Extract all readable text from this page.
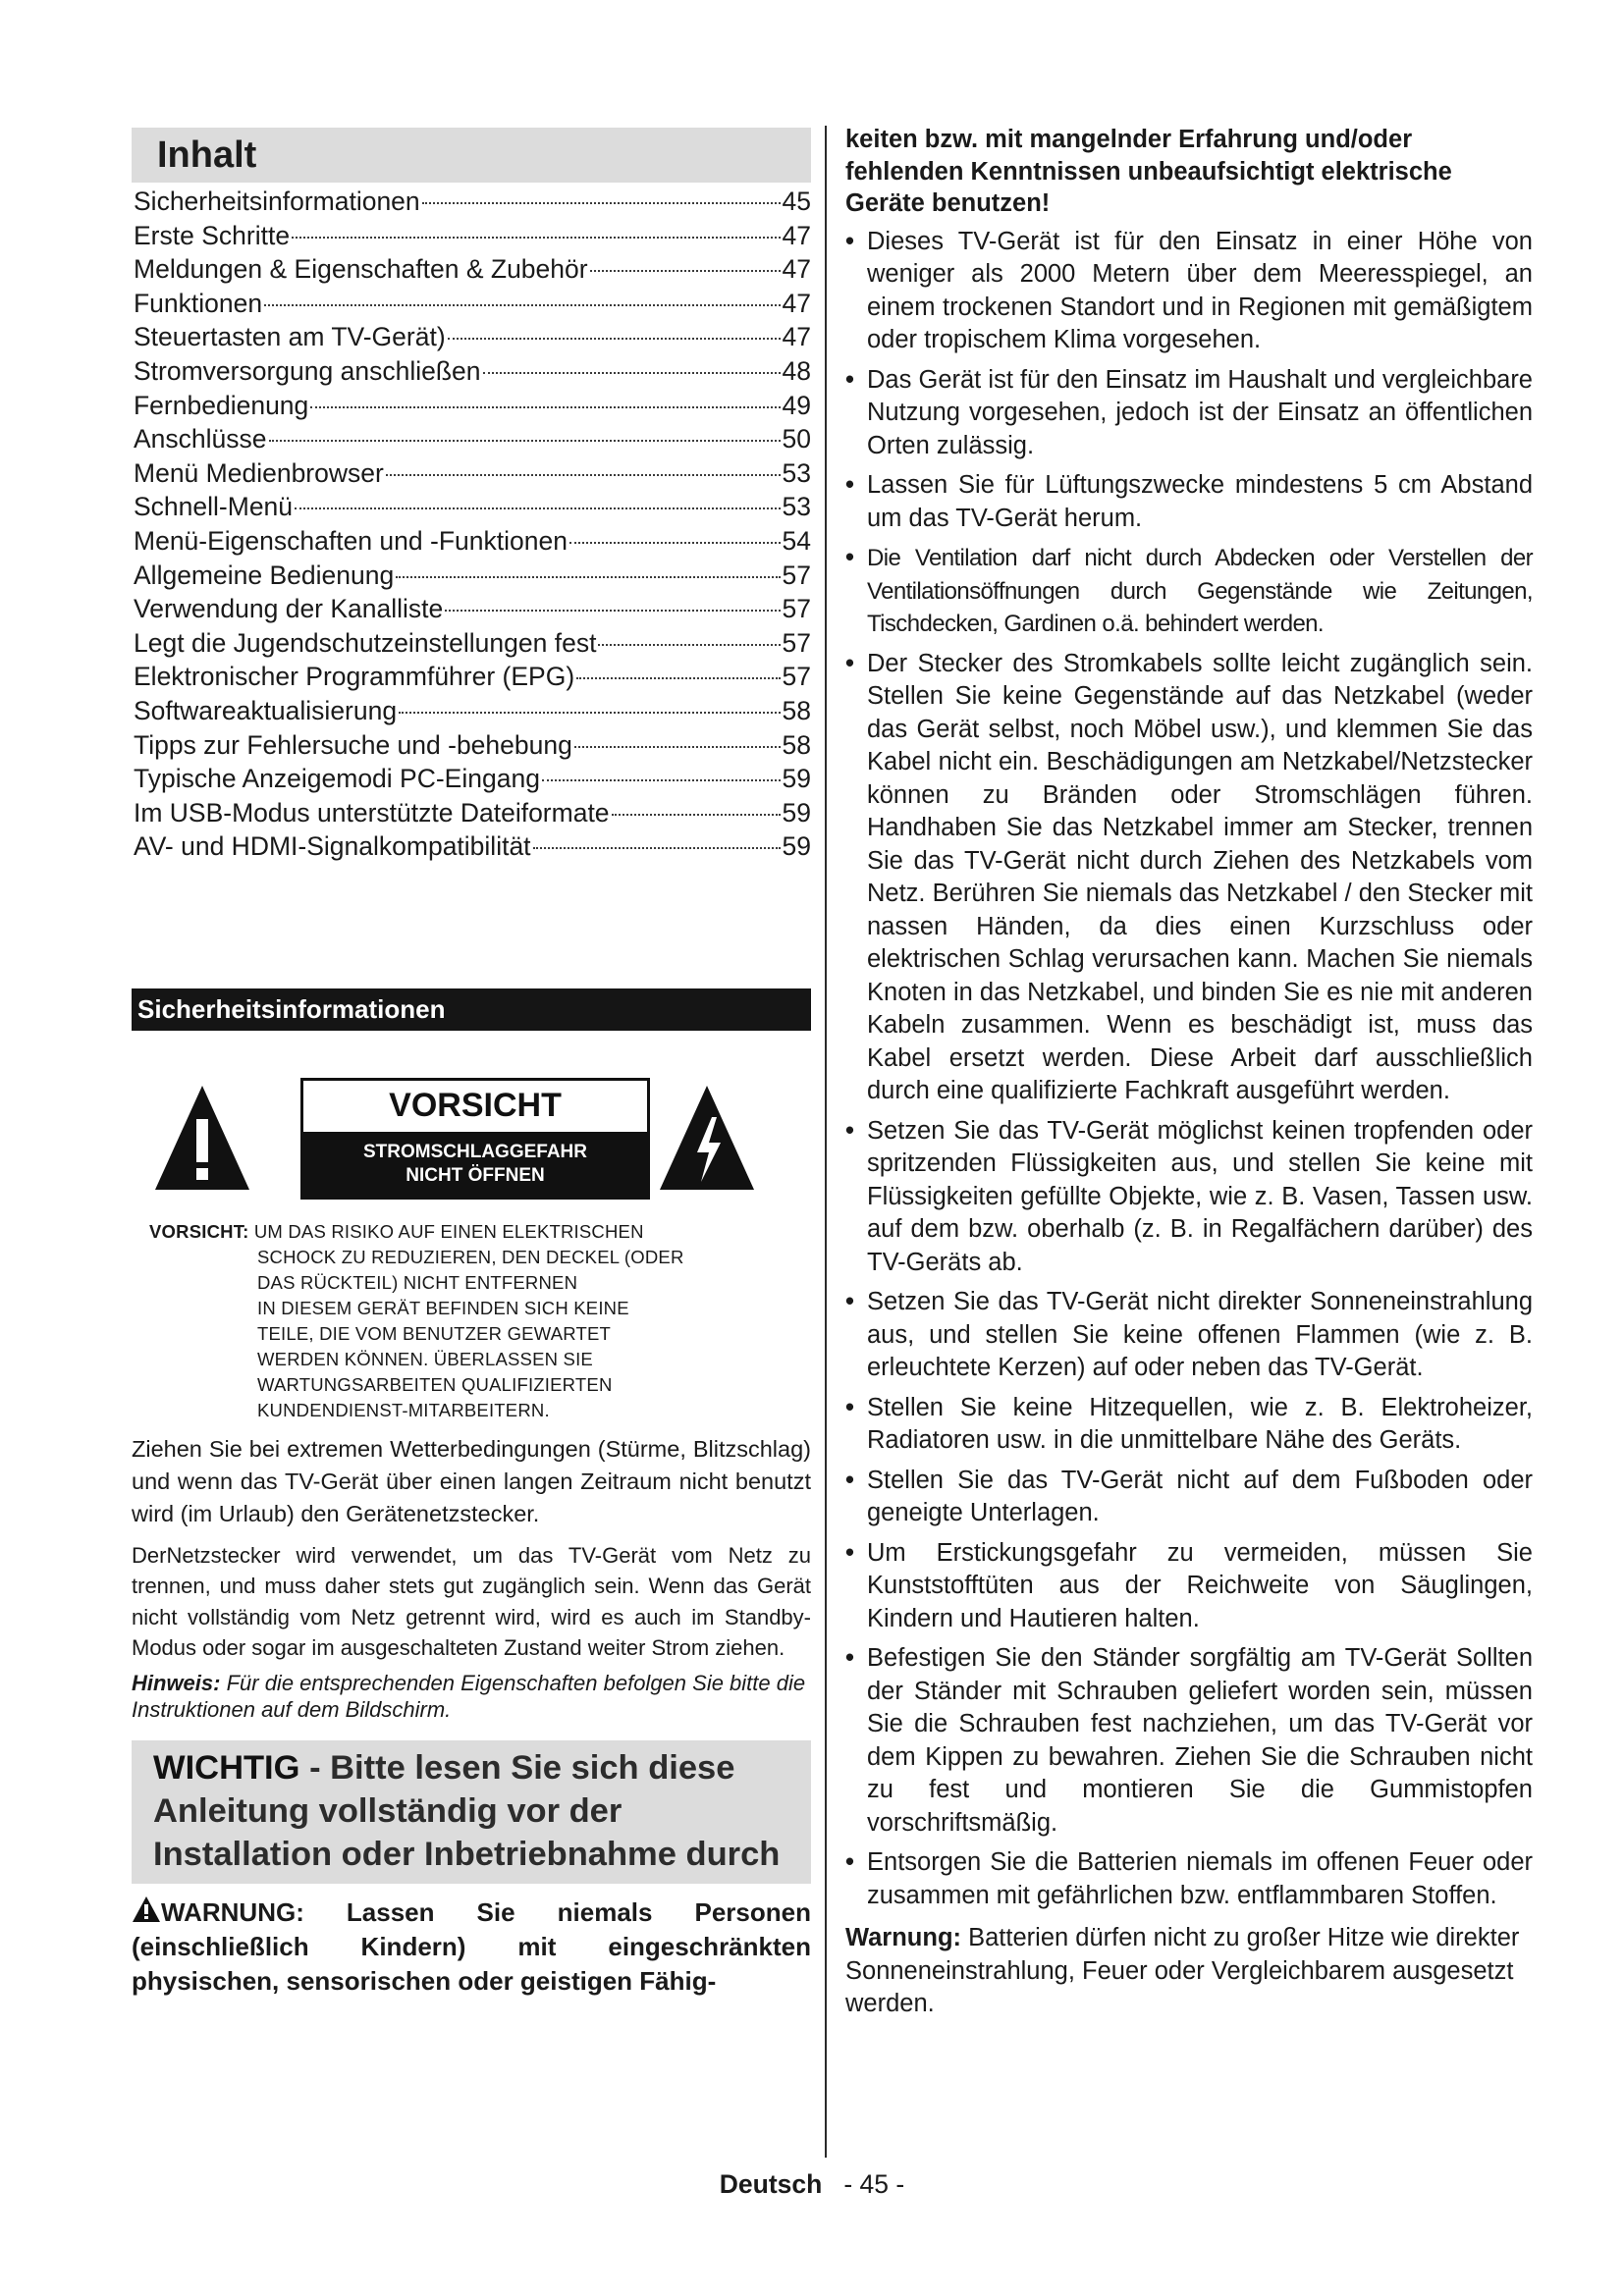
Inhalt
Sicherheitsinformationen	45
Erste Schritte	47
Meldungen & Eigenschaften & Zubehör	47
Funktionen	47
Steuertasten am TV-Gerät)	47
Stromversorgung anschließen	48
Fernbedienung	49
Anschlüsse	50
Menü Medienbrowser	53
Schnell-Menü	53
Menü-Eigenschaften und -Funktionen	54
Allgemeine Bedienung	57
Verwendung der Kanalliste	57
Legt die Jugendschutzeinstellungen fest	57
Elektronischer Programmführer (EPG)	57
Softwareaktualisierung	58
Tipps zur Fehlersuche und -behebung	58
Typische Anzeigemodi PC-Eingang	59
Im USB-Modus unterstützte Dateiformate	59
AV- und HDMI-Signalkompatibilität	59
Sicherheitsinformationen
VORSICHT
STROMSCHLAGGEFAHR
NICHT ÖFFNEN
VORSICHT: UM DAS RISIKO AUF EINEN ELEKTRISCHEN
SCHOCK ZU REDUZIEREN, DEN DECKEL (ODER
DAS RÜCKTEIL) NICHT ENTFERNEN
IN DIESEM GERÄT BEFINDEN SICH KEINE
TEILE, DIE VOM BENUTZER GEWARTET
WERDEN KÖNNEN. ÜBERLASSEN SIE
WARTUNGSARBEITEN QUALIFIZIERTEN
KUNDENDIENST-MITARBEITERN.
Ziehen Sie bei extremen Wetterbedingungen (Stürme, Blitzschlag) und wenn das TV-Gerät über einen langen Zeitraum nicht benutzt wird (im Urlaub) den Gerätenetzstecker.
DerNetzstecker wird verwendet, um das TV-Gerät vom Netz zu trennen, und muss daher stets gut zugänglich sein. Wenn das Gerät nicht vollständig vom Netz getrennt wird, wird es auch im Standby-Modus oder sogar im ausgeschalteten Zustand weiter Strom ziehen.
Hinweis: Für die entsprechenden Eigenschaften befolgen Sie bitte die Instruktionen auf dem Bildschirm.
WICHTIG - Bitte lesen Sie sich diese Anleitung vollständig vor der Installation oder Inbetriebnahme durch
WARNUNG: Lassen Sie niemals Personen (einschließlich Kindern) mit eingeschränkten physischen, sensorischen oder geistigen Fähig-
keiten bzw. mit mangelnder Erfahrung und/oder fehlenden Kenntnissen unbeaufsichtigt elektrische Geräte benutzen!
• Dieses TV-Gerät ist für den Einsatz in einer Höhe von weniger als 2000 Metern über dem Meeresspiegel, an einem trockenen Standort und in Regionen mit gemäßigtem oder tropischem Klima vorgesehen.
• Das Gerät ist für den Einsatz im Haushalt und vergleichbare Nutzung vorgesehen, jedoch ist der Einsatz an öffentlichen Orten zulässig.
• Lassen Sie für Lüftungszwecke mindestens 5 cm Abstand um das TV-Gerät herum.
• Die Ventilation darf nicht durch Abdecken oder Verstellen der Ventilationsöffnungen durch Gegenstände wie Zeitungen, Tischdecken, Gardinen o.ä. behindert werden.
• Der Stecker des Stromkabels sollte leicht zugänglich sein. Stellen Sie keine Gegenstände auf das Netzkabel (weder das Gerät selbst, noch Möbel usw.), und klemmen Sie das Kabel nicht ein. Beschädigungen am Netzkabel/Netzstecker können zu Bränden oder Stromschlägen führen. Handhaben Sie das Netzkabel immer am Stecker, trennen Sie das TV-Gerät nicht durch Ziehen des Netzkabels vom Netz. Berühren Sie niemals das Netzkabel / den Stecker mit nassen Händen, da dies einen Kurzschluss oder elektrischen Schlag verursachen kann. Machen Sie niemals Knoten in das Netzkabel, und binden Sie es nie mit anderen Kabeln zusammen. Wenn es beschädigt ist, muss das Kabel ersetzt werden. Diese Arbeit darf ausschließlich durch eine qualifizierte Fachkraft ausgeführt werden.
• Setzen Sie das TV-Gerät möglichst keinen tropfenden oder spritzenden Flüssigkeiten aus, und stellen Sie keine mit Flüssigkeiten gefüllte Objekte, wie z. B. Vasen, Tassen usw. auf dem bzw. oberhalb (z. B. in Regalfächern darüber) des TV-Geräts ab.
• Setzen Sie das TV-Gerät nicht direkter Sonneneinstrahlung aus, und stellen Sie keine offenen Flammen (wie z. B. erleuchtete Kerzen) auf oder neben das TV-Gerät.
• Stellen Sie keine Hitzequellen, wie z. B. Elektroheizer, Radiatoren usw. in die unmittelbare Nähe des Geräts.
• Stellen Sie das TV-Gerät nicht auf dem Fußboden oder geneigte Unterlagen.
• Um Erstickungsgefahr zu vermeiden, müssen Sie Kunststofftüten aus der Reichweite von Säuglingen, Kindern und Hautieren halten.
• Befestigen Sie den Ständer sorgfältig am TV-Gerät Sollten der Ständer mit Schrauben geliefert worden sein, müssen Sie die Schrauben fest nachziehen, um das TV-Gerät vor dem Kippen zu bewahren. Ziehen Sie die Schrauben nicht zu fest und montieren Sie die Gummistopfen vorschriftsmäßig.
• Entsorgen Sie die Batterien niemals im offenen Feuer oder zusammen mit gefährlichen bzw. entflammbaren Stoffen.
Warnung: Batterien dürfen nicht zu großer Hitze wie direkter Sonneneinstrahlung, Feuer oder Vergleichbarem ausgesetzt werden.
Deutsch - 45 -
